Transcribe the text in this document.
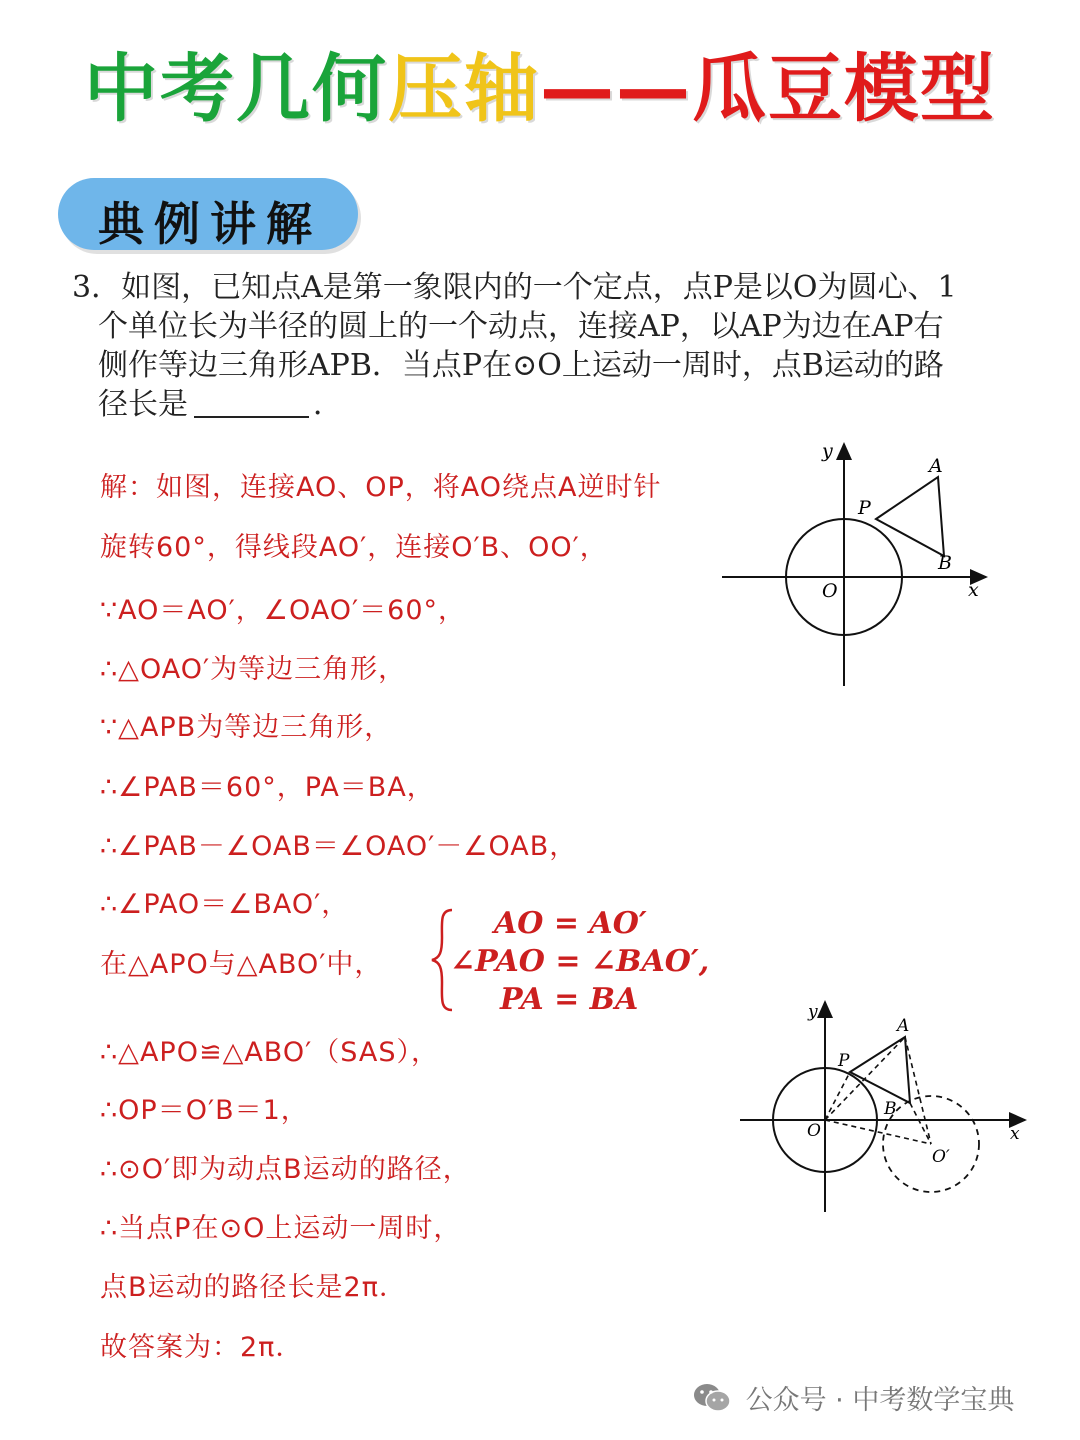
中考几何压轴——瓜豆模型
典例讲解
3．如图，已知点A是第一象限内的一个定点，点P是以O为圆心、1
个单位长为半径的圆上的一个动点，连接AP，以AP为边在AP右
侧作等边三角形APB．当点P在⊙O上运动一周时，点B运动的路
径长是	．
解：如图，连接AO、OP，将AO绕点A逆时针
旋转60°，得线段AO′，连接O′B、OO′，
∵AO＝AO′，∠OAO′＝60°，
∴△OAO′为等边三角形，
∵△APB为等边三角形，
∴∠PAB＝60°，PA＝BA，
∴∠PAB－∠OAB＝∠OAO′－∠OAB，
∴∠PAO＝∠BAO′，
在△APO与△ABO′中，
AO = AO′
∠PAO = ∠BAO′,
PA = BA
∴△APO≌△ABO′（SAS），
∴OP＝O′B＝1，
∴⊙O′即为动点B运动的路径，
∴当点P在⊙O上运动一周时，
点B运动的路径长是2π．
故答案为：2π．
y
x
O
A
P
B
y
x
O
A
P
B
O′
公众号 · 中考数学宝典
